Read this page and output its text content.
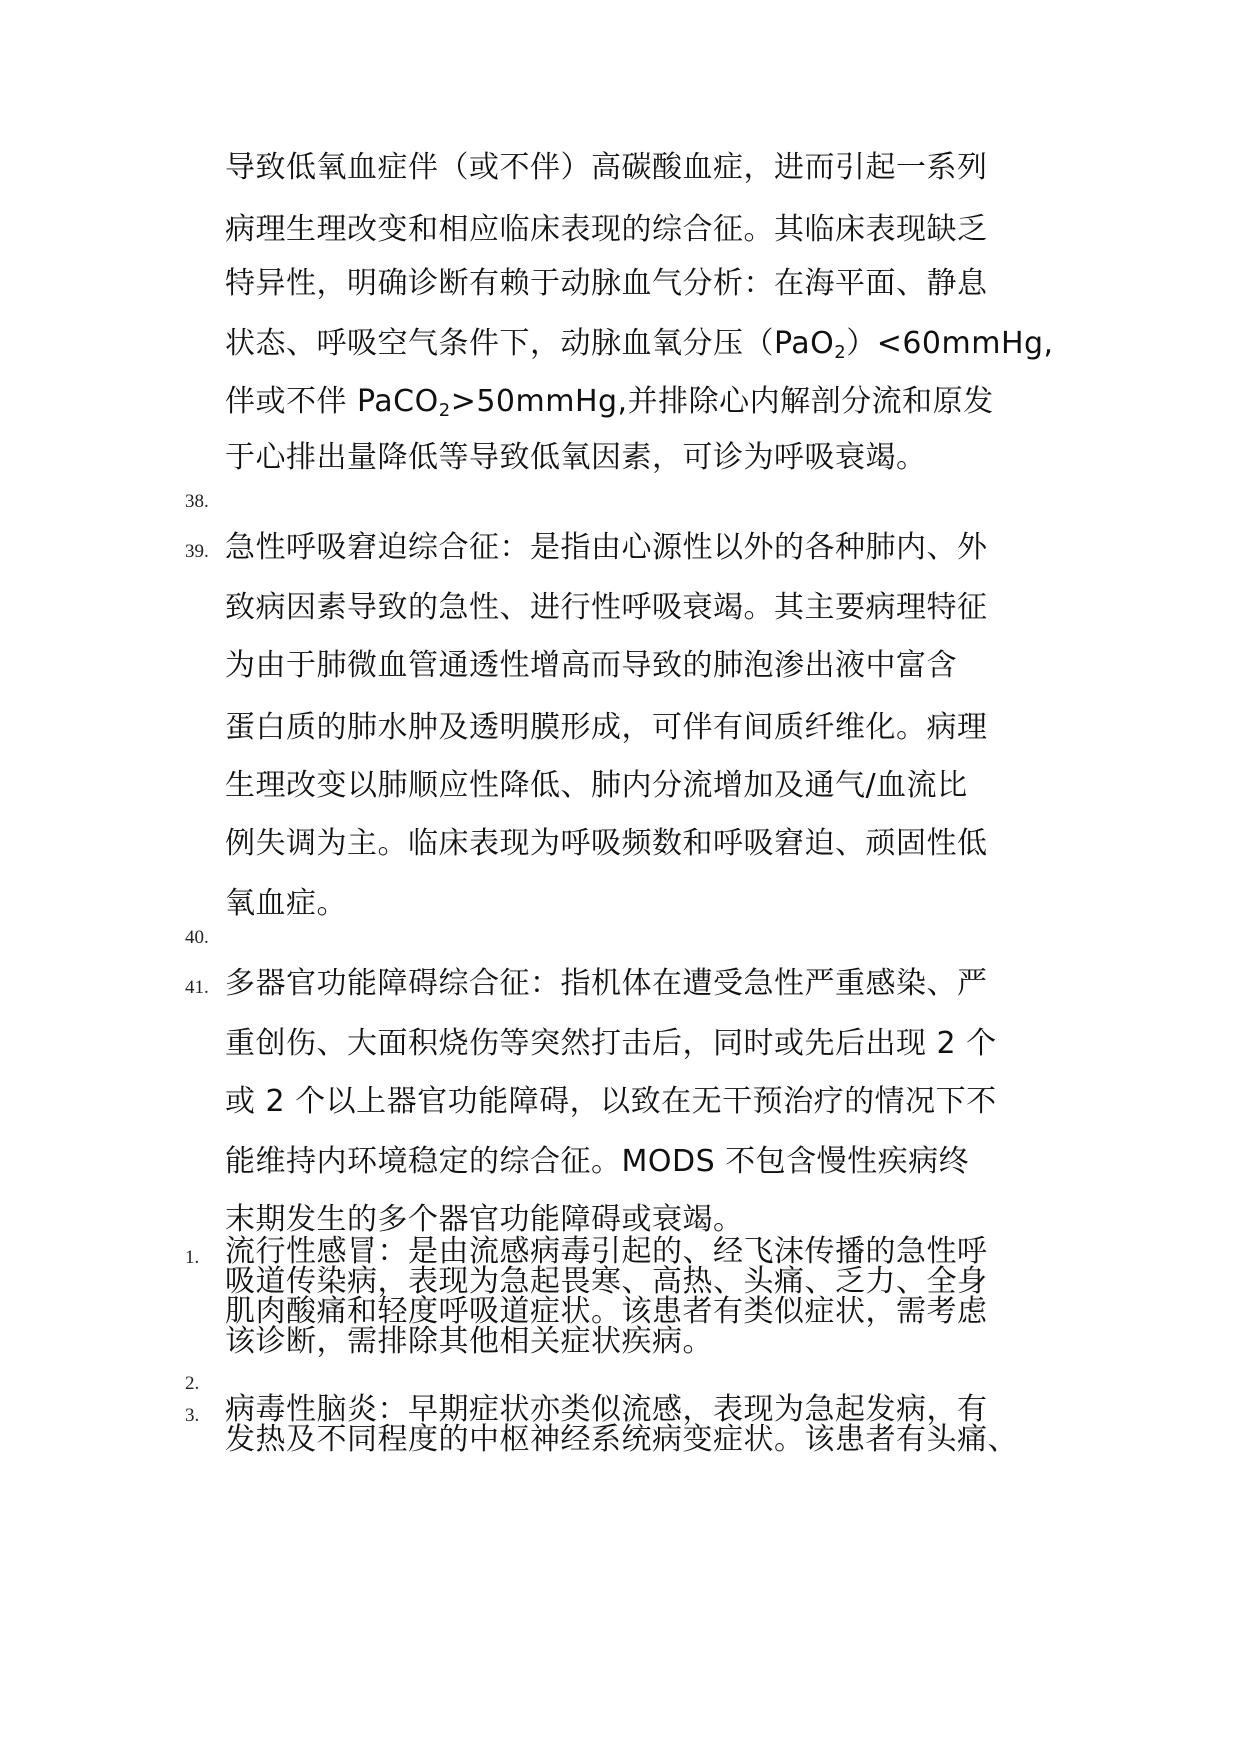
导致低氧血症伴（或不伴）高碳酸血症，进而引起一系列
病理生理改变和相应临床表现的综合征。其临床表现缺乏
特异性，明确诊断有赖于动脉血气分析：在海平面、静息
状态、呼吸空气条件下，动脉血氧分压（PaO$_2$）<60mmHg,
伴或不伴 PaCO$_2$>50mmHg,并排除心内解剖分流和原发
于心排出量降低等导致低氧因素，可诊为呼吸衰竭。
38.
39. 急性呼吸窘迫综合征：是指由心源性以外的各种肺内、外
致病因素导致的急性、进行性呼吸衰竭。其主要病理特征
为由于肺微血管通透性增高而导致的肺泡渗出液中富含
蛋白质的肺水肿及透明膜形成，可伴有间质纤维化。病理
生理改变以肺顺应性降低、肺内分流增加及通气/血流比
例失调为主。临床表现为呼吸频数和呼吸窘迫、顽固性低
氧血症。
40.
41. 多器官功能障碍综合征：指机体在遭受急性严重感染、严
重创伤、大面积烧伤等突然打击后，同时或先后出现 2 个
或 2 个以上器官功能障碍，以致在无干预治疗的情况下不
能维持内环境稳定的综合征。MODS 不包含慢性疾病终
末期发生的多个器官功能障碍或衰竭。
1. 流行性感冒：是由流感病毒引起的、经飞沫传播的急性呼
吸道传染病，表现为急起畏寒、高热、头痛、乏力、全身
肌肉酸痛和轻度呼吸道症状。该患者有类似症状，需考虑
该诊断，需排除其他相关症状疾病。
2.
3. 病毒性脑炎：早期症状亦类似流感，表现为急起发病，有
发热及不同程度的中枢神经系统病变症状。该患者有头痛、
